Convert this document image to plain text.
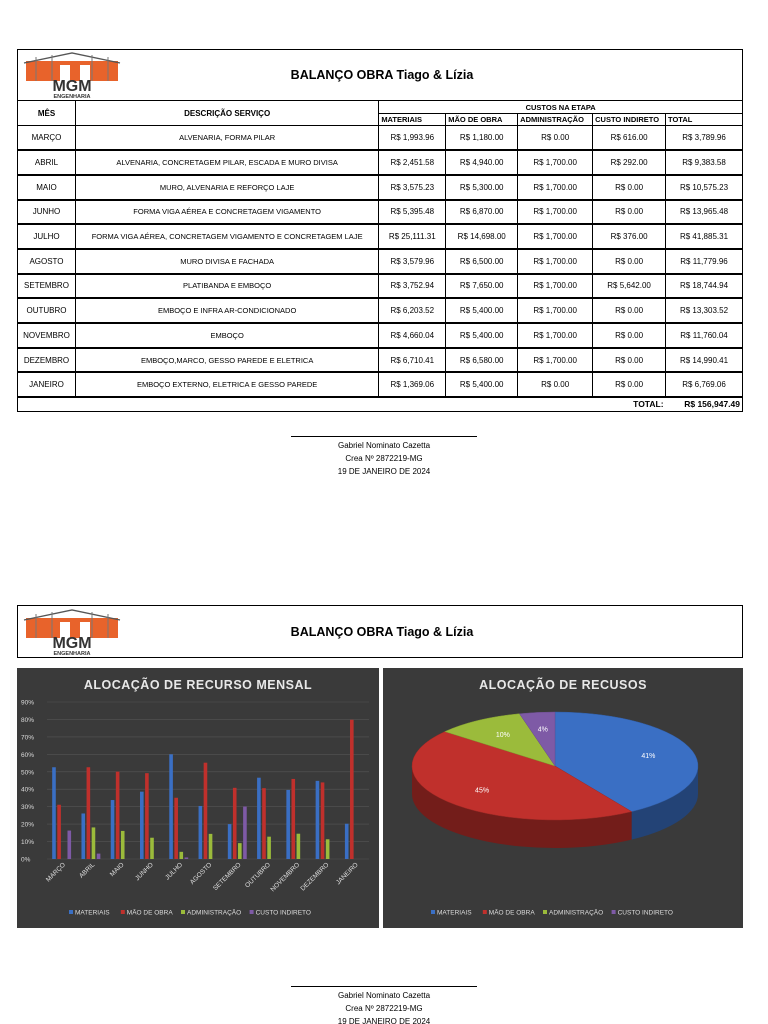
MGM
ENGENHARIA
BALANÇO OBRA Tiago & Lízia
MÊS	DESCRIÇÃO SERVIÇO	CUSTOS NA ETAPA				
		MATERIAIS	MÃO DE OBRA	ADMINISTRAÇÃO	CUSTO INDIRETO	TOTAL
MARÇO	ALVENARIA, FORMA PILAR	R$ 1,993.96	R$ 1,180.00	R$ 0.00	R$ 616.00	R$ 3,789.96
ABRIL	ALVENARIA, CONCRETAGEM PILAR, ESCADA E MURO DIVISA	R$ 2,451.58	R$ 4,940.00	R$ 1,700.00	R$ 292.00	R$ 9,383.58
MAIO	MURO, ALVENARIA E REFORÇO LAJE	R$ 3,575.23	R$ 5,300.00	R$ 1,700.00	R$ 0.00	R$ 10,575.23
JUNHO	FORMA VIGA AÉREA E CONCRETAGEM VIGAMENTO	R$ 5,395.48	R$ 6,870.00	R$ 1,700.00	R$ 0.00	R$ 13,965.48
JULHO	FORMA VIGA AÉREA, CONCRETAGEM VIGAMENTO E CONCRETAGEM LAJE	R$ 25,111.31	R$ 14,698.00	R$ 1,700.00	R$ 376.00	R$ 41,885.31
AGOSTO	MURO DIVISA E FACHADA	R$ 3,579.96	R$ 6,500.00	R$ 1,700.00	R$ 0.00	R$ 11,779.96
SETEMBRO	PLATIBANDA E EMBOÇO	R$ 3,752.94	R$ 7,650.00	R$ 1,700.00	R$ 5,642.00	R$ 18,744.94
OUTUBRO	EMBOÇO E INFRA AR-CONDICIONADO	R$ 6,203.52	R$ 5,400.00	R$ 1,700.00	R$ 0.00	R$ 13,303.52
NOVEMBRO	EMBOÇO	R$ 4,660.04	R$ 5,400.00	R$ 1,700.00	R$ 0.00	R$ 11,760.04
DEZEMBRO	EMBOÇO,MARCO, GESSO PAREDE E ELETRICA	R$ 6,710.41	R$ 6,580.00	R$ 1,700.00	R$ 0.00	R$ 14,990.41
JANEIRO	EMBOÇO EXTERNO, ELETRICA E GESSO PAREDE	R$ 1,369.06	R$ 5,400.00	R$ 0.00	R$ 0.00	R$ 6,769.06
TOTAL:						R$ 156,947.49
Gabriel Nominato Cazetta
Crea Nº 2872219-MG
19 DE JANEIRO DE 2024
MGM
ENGENHARIA
BALANÇO OBRA Tiago & Lízia
ALOCAÇÃO DE RECURSO MENSAL
0%
10%
20%
30%
40%
50%
60%
70%
80%
90%
MARÇO ABRIL MAIO JUNHO JULHO AGOSTO
SETEMBRO OUTUBRO
NOVEMBRO
DEZEMBRO JANEIRO
MATERIAIS	MÃO DE OBRA ADMINISTRAÇÃO CUSTO INDIRETO
ALOCAÇÃO DE RECUSOS
41%
45%
10%
4%
MATERIAIS	MÃO DE OBRA ADMINISTRAÇÃO CUSTO INDIRETO
Gabriel Nominato Cazetta
Crea Nº 2872219-MG
19 DE JANEIRO DE 2024
